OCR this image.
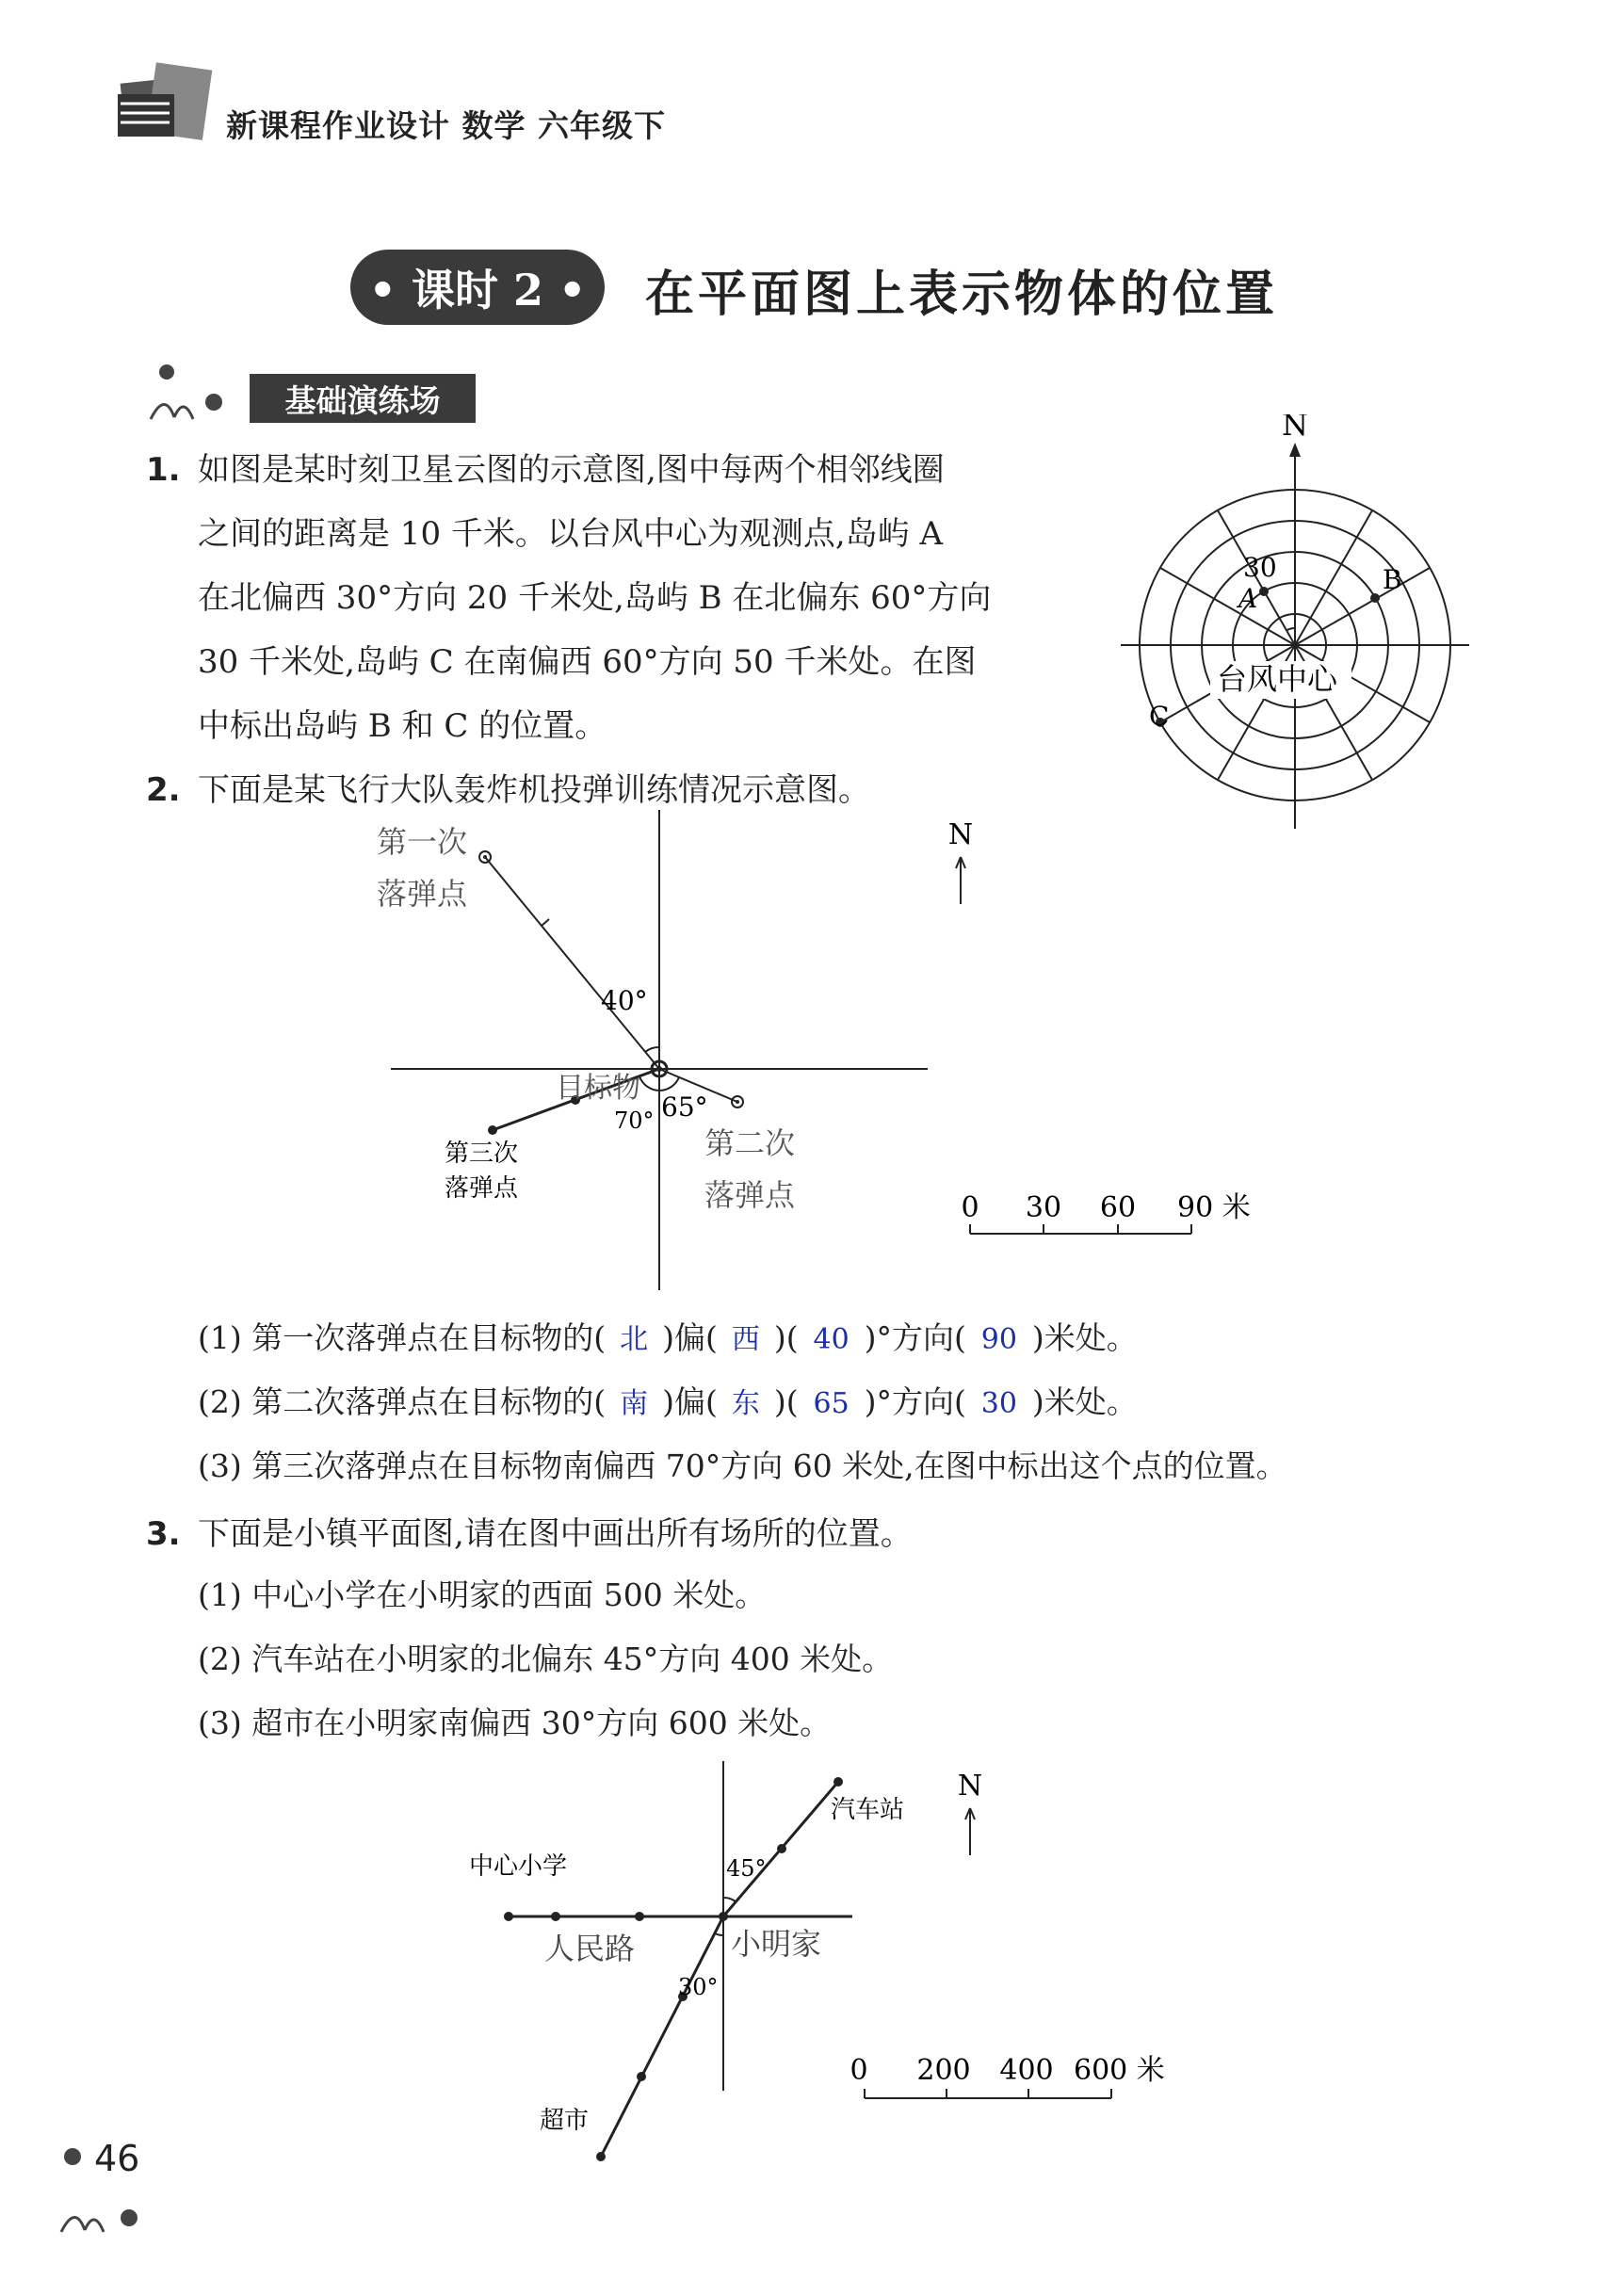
新课程作业设计 数学 六年级下
• 课时 2 •	在平面图上表示物体的位置
基础演练场
1. 如图是某时刻卫星云图的示意图,图中每两个相邻线圈
之间的距离是 10 千米。以台风中心为观测点,岛屿 A
在北偏西 30°方向 20 千米处,岛屿 B 在北偏东 60°方向
30 千米处,岛屿 C 在南偏西 60°方向 50 千米处。在图
中标出岛屿 B 和 C 的位置。
N
30
A
B
C
台风中心
2. 下面是某飞行大队轰炸机投弹训练情况示意图。
N
第一次
落弹点
40°
目标物
70° 65°
第二次
落弹点
第三次
落弹点
0 30 60 90 米
(1) 第一次落弹点在目标物的( 北 )偏( 西 )( 40 )°方向( 90 )米处。
(2) 第二次落弹点在目标物的( 南 )偏( 东 )( 65 )°方向( 30 )米处。
(3) 第三次落弹点在目标物南偏西 70°方向 60 米处,在图中标出这个点的位置。
3. 下面是小镇平面图,请在图中画出所有场所的位置。
(1) 中心小学在小明家的西面 500 米处。
(2) 汽车站在小明家的北偏东 45°方向 400 米处。
(3) 超市在小明家南偏西 30°方向 600 米处。
N
汽车站
中心小学	45°
人民路	小明家
30°
超市
0 200 400 600 米
46
